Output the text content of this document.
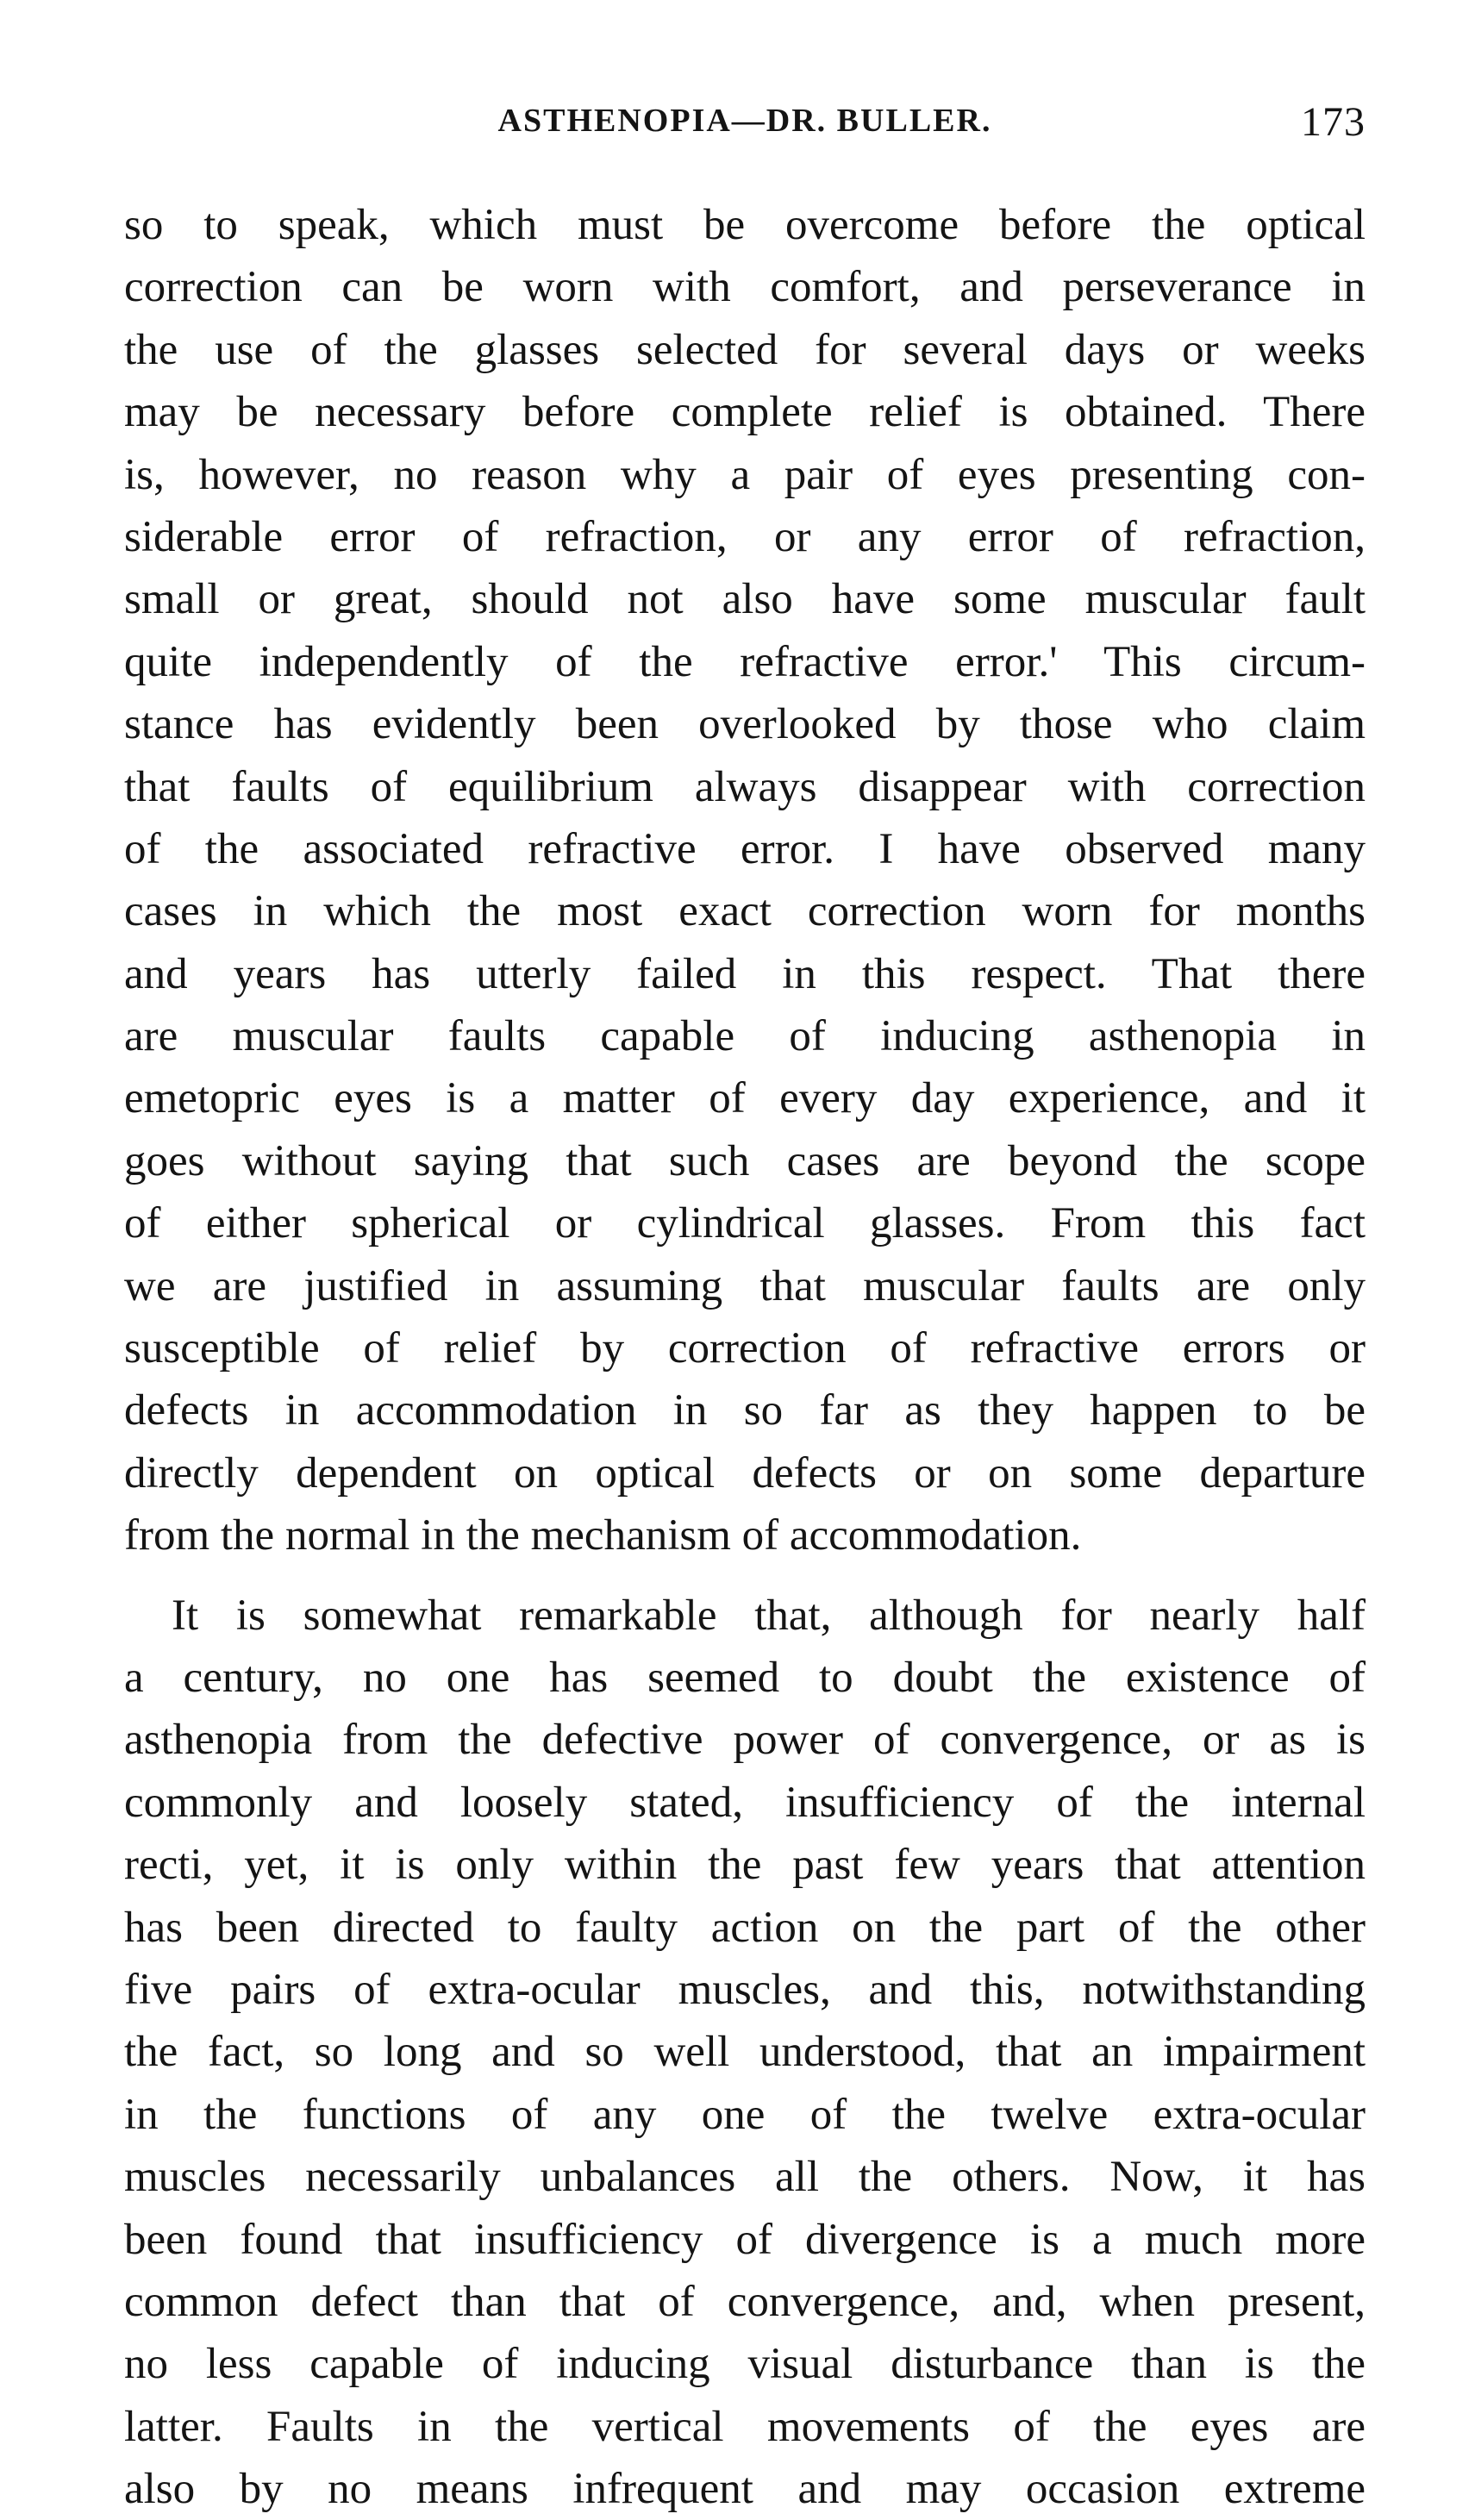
ASTHENOPIA—DR. BULLER.	173
so to speak, which must be overcome before the optical
correction can be worn with comfort, and perseverance in
the use of the glasses selected for several days or weeks
may be necessary before complete relief is obtained. There
is, however, no reason why a pair of eyes presenting con-
siderable error of refraction, or any error of refraction,
small or great, should not also have some muscular fault
quite independently of the refractive error.' This circum-
stance has evidently been overlooked by those who claim
that faults of equilibrium always disappear with correction
of the associated refractive error. I have observed many
cases in which the most exact correction worn for months
and years has utterly failed in this respect. That there
are muscular faults capable of inducing asthenopia in
emetopric eyes is a matter of every day experience, and it
goes without saying that such cases are beyond the scope
of either spherical or cylindrical glasses. From this fact
we are justified in assuming that muscular faults are only
susceptible of relief by correction of refractive errors or
defects in accommodation in so far as they happen to be
directly dependent on optical defects or on some departure
from the normal in the mechanism of accommodation.
It is somewhat remarkable that, although for nearly half
a century, no one has seemed to doubt the existence of
asthenopia from the defective power of convergence, or as is
commonly and loosely stated, insufficiency of the internal
recti, yet, it is only within the past few years that attention
has been directed to faulty action on the part of the other
five pairs of extra-ocular muscles, and this, notwithstanding
the fact, so long and so well understood, that an impairment
in the functions of any one of the twelve extra-ocular
muscles necessarily unbalances all the others. Now, it has
been found that insufficiency of divergence is a much more
common defect than that of convergence, and, when present,
no less capable of inducing visual disturbance than is the
latter. Faults in the vertical movements of the eyes are
also by no means infrequent and may occasion extreme
